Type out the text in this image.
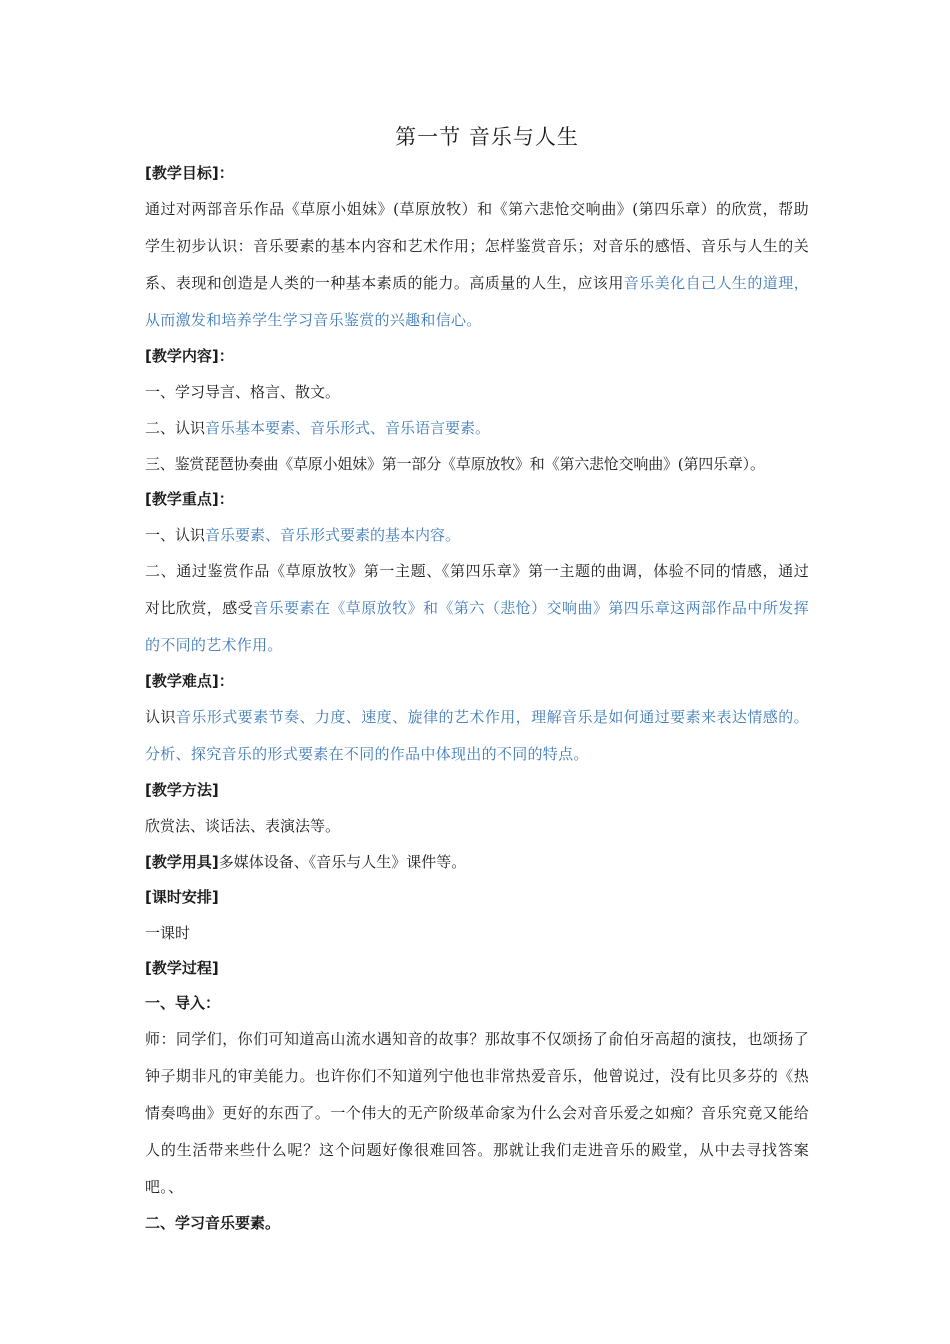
第一节 音乐与人生
[教学目标]：
通过对两部音乐作品《草原小姐妹》(草原放牧）和《第六悲怆交响曲》(第四乐章）的欣赏，帮助学生初步认识：音乐要素的基本内容和艺术作用；怎样鉴赏音乐；对音乐的感悟、音乐与人生的关系、表现和创造是人类的一种基本素质的能力。高质量的人生，应该用音乐美化自己人生的道理，从而激发和培养学生学习音乐鉴赏的兴趣和信心。
[教学内容]：
一、学习导言、格言、散文。
二、认识音乐基本要素、音乐形式、音乐语言要素。
三、鉴赏琵琶协奏曲《草原小姐妹》第一部分《草原放牧》和《第六悲怆交响曲》(第四乐章）。
[教学重点]：
一、认识音乐要素、音乐形式要素的基本内容。
二、通过鉴赏作品《草原放牧》第一主题、《第四乐章》第一主题的曲调，体验不同的情感，通过对比欣赏，感受音乐要素在《草原放牧》和《第六（悲怆）交响曲》第四乐章这两部作品中所发挥的不同的艺术作用。
[教学难点]：
认识音乐形式要素节奏、力度、速度、旋律的艺术作用，理解音乐是如何通过要素来表达情感的。分析、探究音乐的形式要素在不同的作品中体现出的不同的特点。
[教学方法]
欣赏法、谈话法、表演法等。
[教学用具]多媒体设备、《音乐与人生》课件等。
[课时安排]
一课时
[教学过程]
一、导入：
师：同学们，你们可知道高山流水遇知音的故事？那故事不仅颂扬了俞伯牙高超的演技，也颂扬了钟子期非凡的审美能力。也许你们不知道列宁他也非常热爱音乐，他曾说过，没有比贝多芬的《热情奏鸣曲》更好的东西了。一个伟大的无产阶级革命家为什么会对音乐爱之如痴？音乐究竟又能给人的生活带来些什么呢？这个问题好像很难回答。那就让我们走进音乐的殿堂，从中去寻找答案吧。、
二、学习音乐要素。
